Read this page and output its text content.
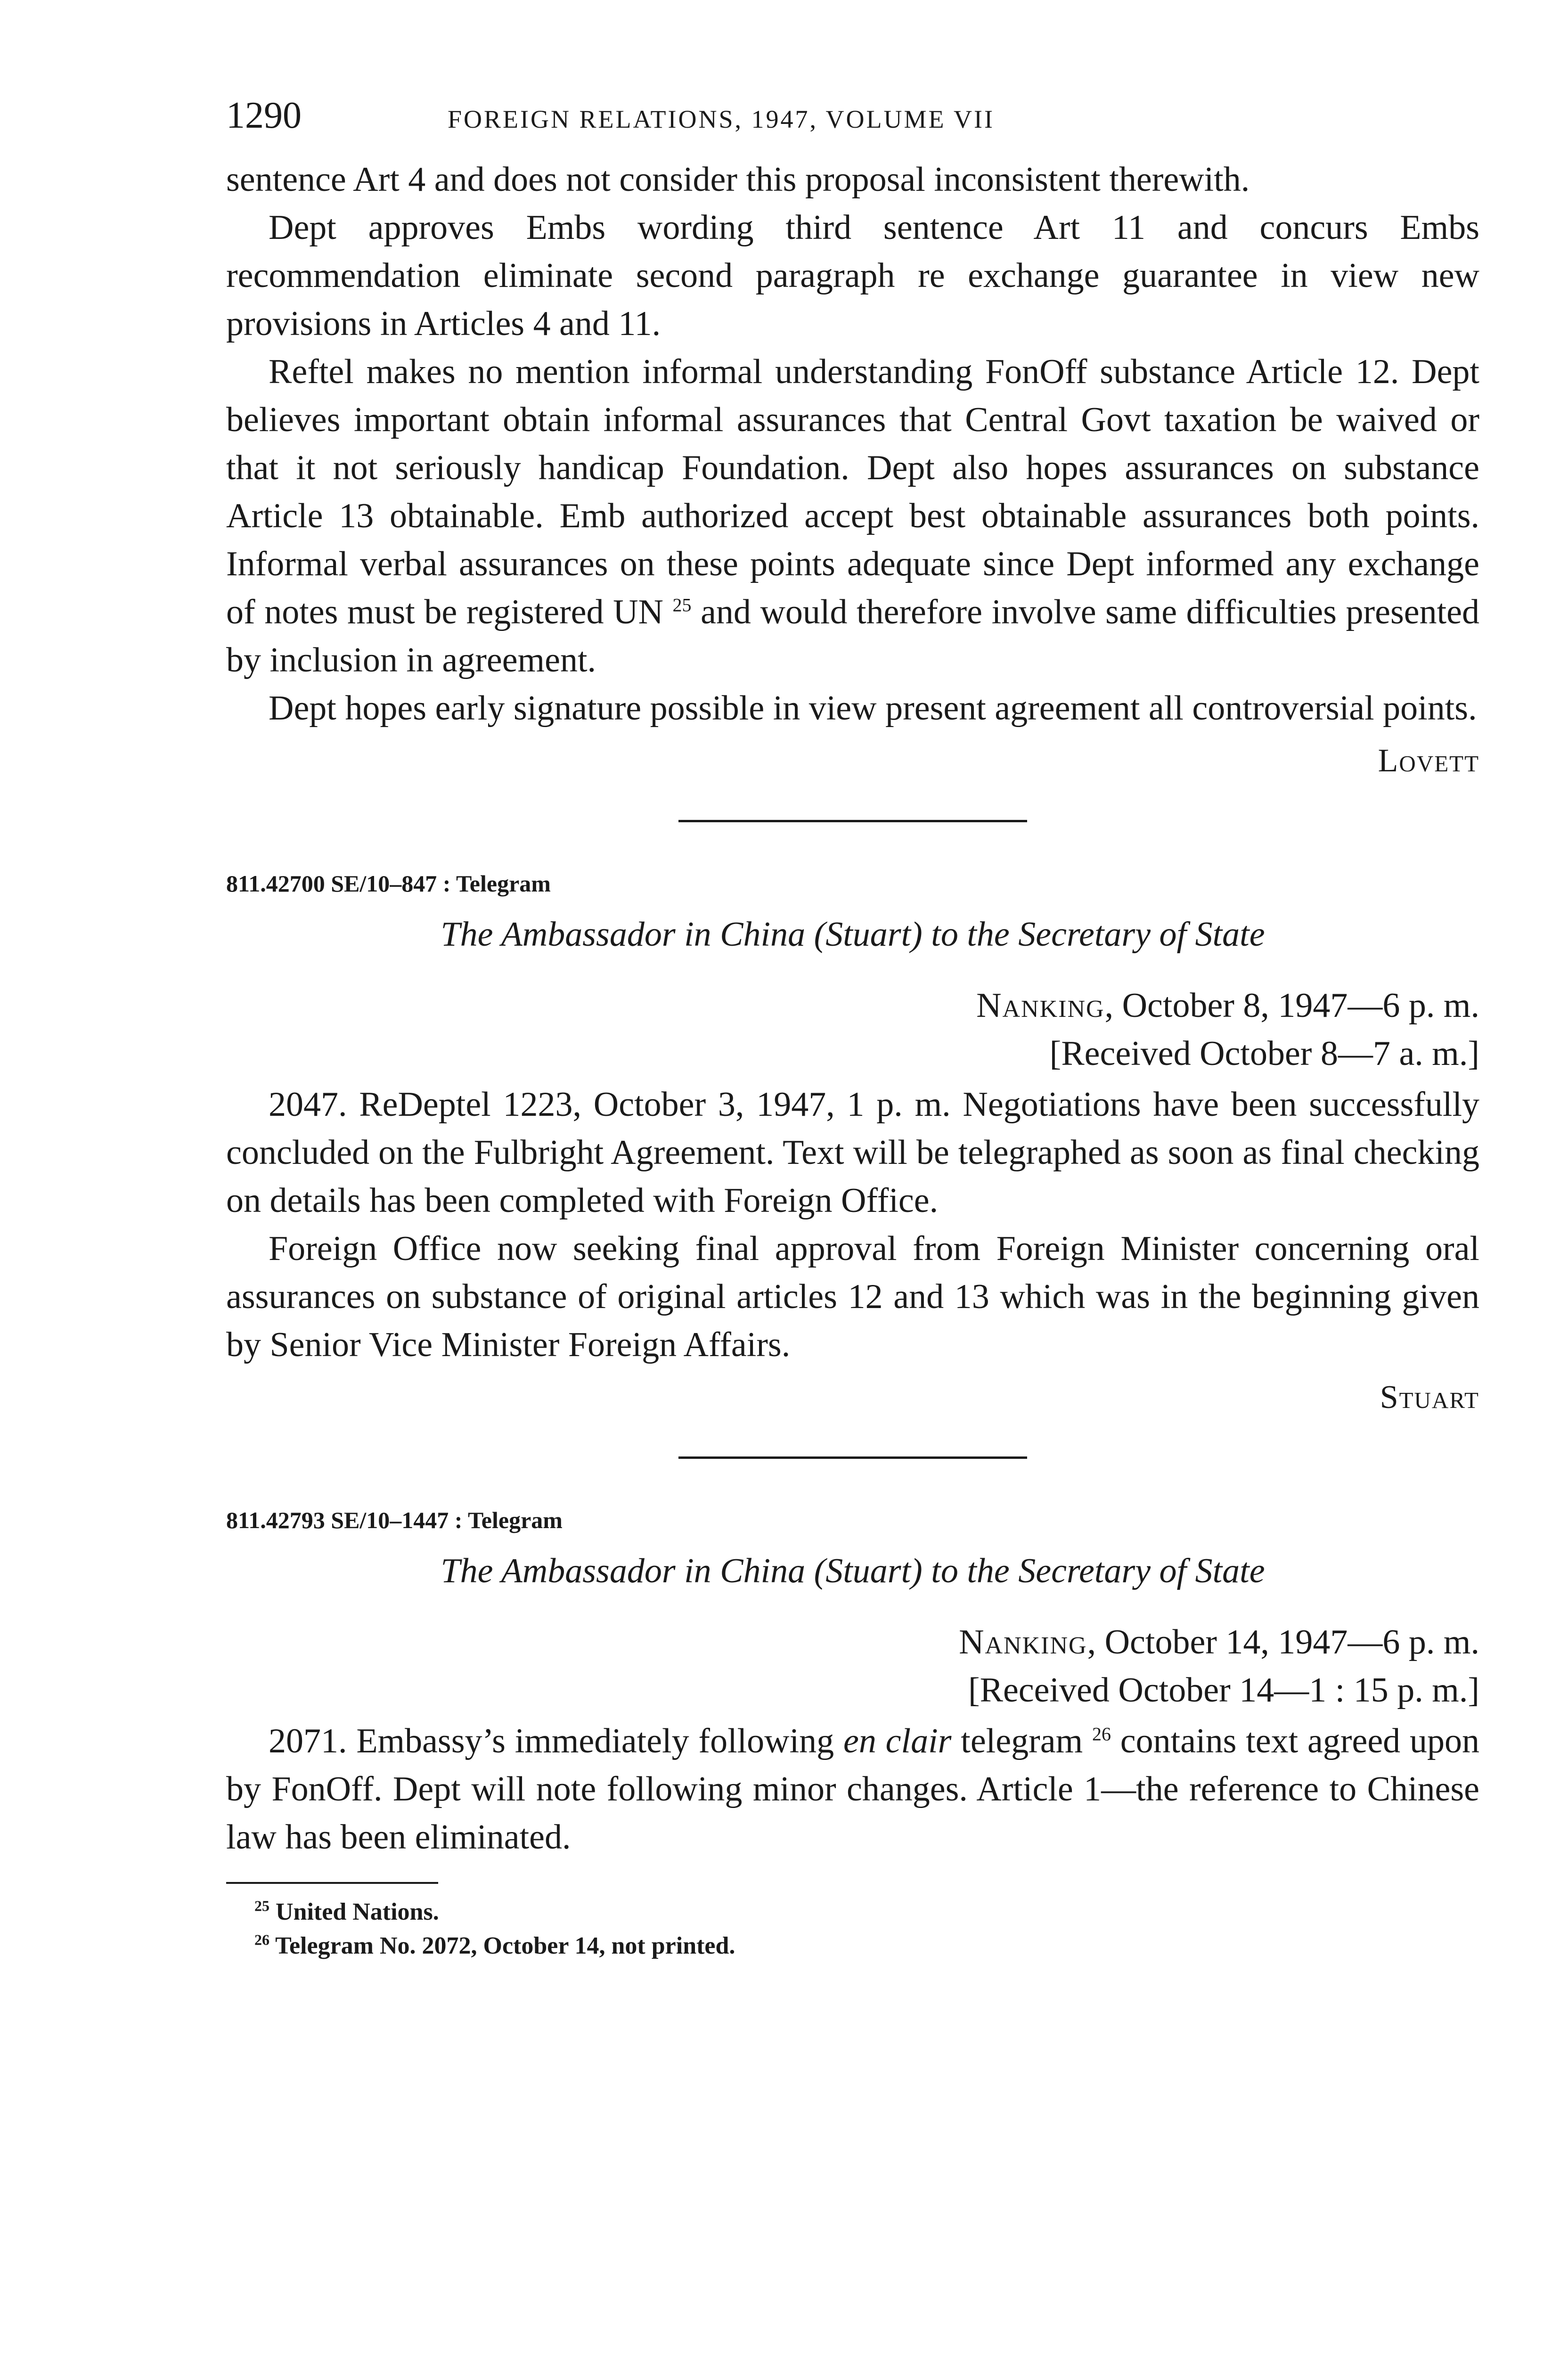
1290	FOREIGN RELATIONS, 1947, VOLUME VII

sentence Art 4 and does not consider this proposal inconsistent therewith.

Dept approves Embs wording third sentence Art 11 and concurs Embs recommendation eliminate second paragraph re exchange guarantee in view new provisions in Articles 4 and 11.

Reftel makes no mention informal understanding FonOff substance Article 12. Dept believes important obtain informal assurances that Central Govt taxation be waived or that it not seriously handicap Foundation. Dept also hopes assurances on substance Article 13 obtainable. Emb authorized accept best obtainable assurances both points. Informal verbal assurances on these points adequate since Dept informed any exchange of notes must be registered UN $^{25}$ and would therefore involve same difficulties presented by inclusion in agreement.

Dept hopes early signature possible in view present agreement all controversial points.

Lovett
811.42700 SE/10–847 : Telegram
The Ambassador in China (Stuart) to the Secretary of State
Nanking, October 8, 1947—6 p. m.
[Received October 8—7 a. m.]

2047. ReDeptel 1223, October 3, 1947, 1 p. m. Negotiations have been successfully concluded on the Fulbright Agreement. Text will be telegraphed as soon as final checking on details has been completed with Foreign Office.

Foreign Office now seeking final approval from Foreign Minister concerning oral assurances on substance of original articles 12 and 13 which was in the beginning given by Senior Vice Minister Foreign Affairs.

Stuart
811.42793 SE/10–1447 : Telegram
The Ambassador in China (Stuart) to the Secretary of State
Nanking, October 14, 1947—6 p. m.
[Received October 14—1 : 15 p. m.]

2071. Embassy’s immediately following en clair telegram $^{26}$ contains text agreed upon by FonOff. Dept will note following minor changes. Article 1—the reference to Chinese law has been eliminated.

$^{25}$ United Nations.
$^{26}$ Telegram No. 2072, October 14, not printed.
